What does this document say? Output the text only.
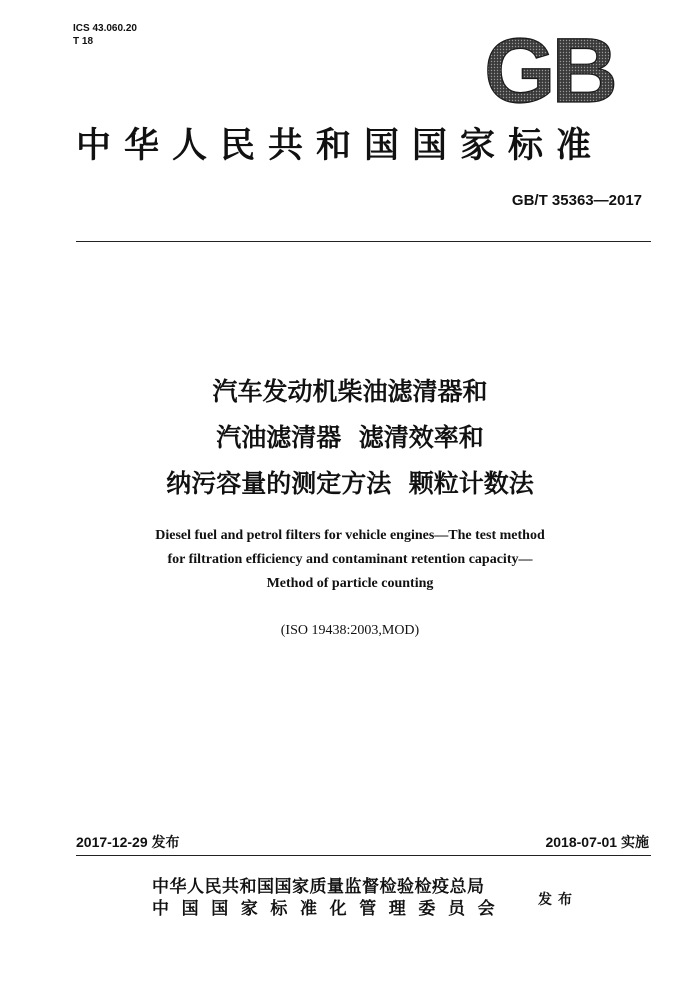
ICS 43.060.20
T 18	GB
中华人民共和国国家标准
GB/T 35363—2017
汽车发动机柴油滤清器和
汽油滤清器  滤清效率和
纳污容量的测定方法  颗粒计数法
Diesel fuel and petrol filters for vehicle engines—The test method
for filtration efficiency and contaminant retention capacity—
Method of particle counting
(ISO 19438:2003,MOD)
2017-12-29 发布	2018-07-01 实施
中华人民共和国国家质量监督检验检疫总局
中国国家标准化管理委员会 发布
